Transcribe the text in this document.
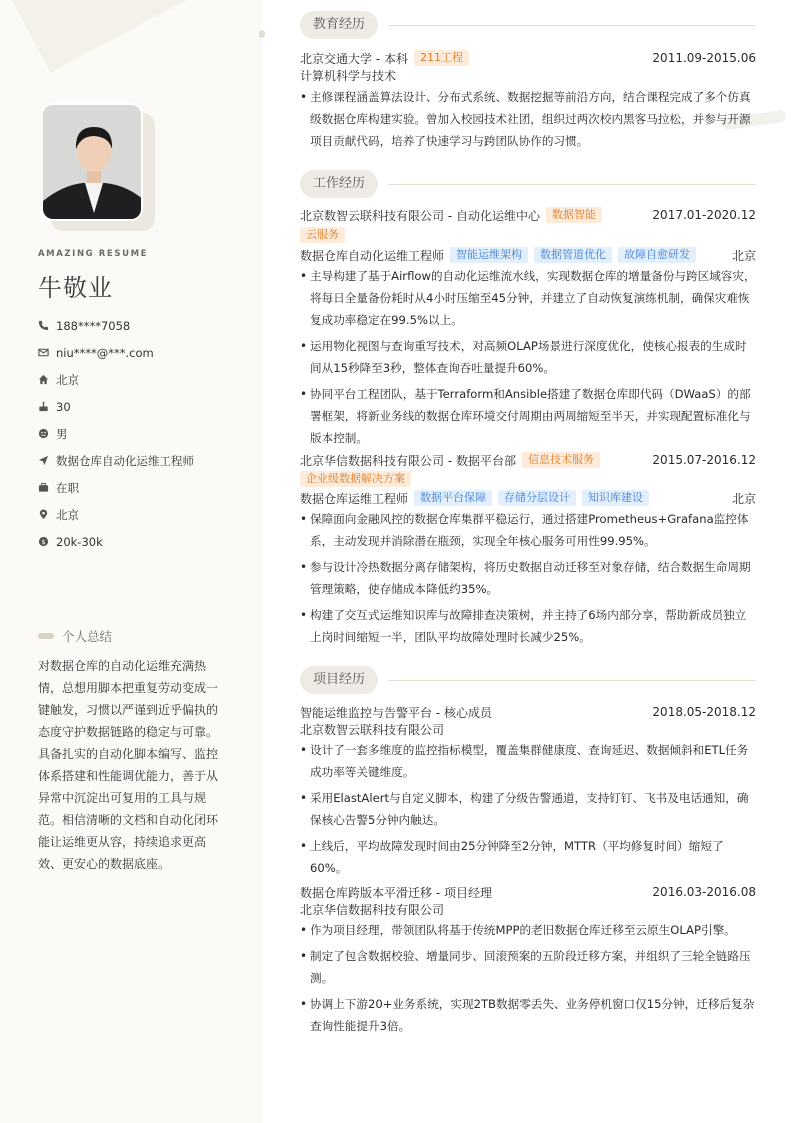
AMAZING RESUME
牛敬业
188****7058
niu****@***.com
北京
30
男
数据仓库自动化运维工程师
在职
北京
$ 20k-30k
个人总结
对数据仓库的自动化运维充满热情，总想用脚本把重复劳动变成一键触发，习惯以严谨到近乎偏执的态度守护数据链路的稳定与可靠。具备扎实的自动化脚本编写、监控体系搭建和性能调优能力，善于从异常中沉淀出可复用的工具与规范。相信清晰的文档和自动化闭环能让运维更从容，持续追求更高效、更安心的数据底座。
教育经历
北京交通大学 - 本科	211工程	2011.09-2015.06
计算机科学与技术
• 主修课程涵盖算法设计、分布式系统、数据挖掘等前沿方向，结合课程完成了多个仿真级数据仓库构建实验。曾加入校园技术社团，组织过两次校内黑客马拉松，并参与开源项目贡献代码，培养了快速学习与跨团队协作的习惯。
工作经历
北京数智云联科技有限公司 - 自动化运维中心	数据智能	2017.01-2020.12
云服务
数据仓库自动化运维工程师	智能运维架构	数据管道优化	故障自愈研发	北京
• 主导构建了基于Airflow的自动化运维流水线，实现数据仓库的增量备份与跨区域容灾，将每日全量备份耗时从4小时压缩至45分钟，并建立了自动恢复演练机制，确保灾难恢复成功率稳定在99.5%以上。
• 运用物化视图与查询重写技术，对高频OLAP场景进行深度优化，使核心报表的生成时间从15秒降至3秒，整体查询吞吐量提升60%。
• 协同平台工程团队，基于Terraform和Ansible搭建了数据仓库即代码（DWaaS）的部署框架，将新业务线的数据仓库环境交付周期由两周缩短至半天，并实现配置标准化与版本控制。
北京华信数据科技有限公司 - 数据平台部	信息技术服务	2015.07-2016.12
企业级数据解决方案
数据仓库运维工程师	数据平台保障	存储分层设计	知识库建设	北京
• 保障面向金融风控的数据仓库集群平稳运行，通过搭建Prometheus+Grafana监控体系，主动发现并消除潜在瓶颈，实现全年核心服务可用性99.95%。
• 参与设计冷热数据分离存储架构，将历史数据自动迁移至对象存储，结合数据生命周期管理策略，使存储成本降低约35%。
• 构建了交互式运维知识库与故障排查决策树，并主持了6场内部分享，帮助新成员独立上岗时间缩短一半，团队平均故障处理时长减少25%。
项目经历
智能运维监控与告警平台 - 核心成员	2018.05-2018.12
北京数智云联科技有限公司
• 设计了一套多维度的监控指标模型，覆盖集群健康度、查询延迟、数据倾斜和ETL任务成功率等关键维度。
• 采用ElastAlert与自定义脚本，构建了分级告警通道，支持钉钉、飞书及电话通知，确保核心告警5分钟内触达。
• 上线后，平均故障发现时间由25分钟降至2分钟，MTTR（平均修复时间）缩短了60%。
数据仓库跨版本平滑迁移 - 项目经理	2016.03-2016.08
北京华信数据科技有限公司
• 作为项目经理，带领团队将基于传统MPP的老旧数据仓库迁移至云原生OLAP引擎。
• 制定了包含数据校验、增量同步、回滚预案的五阶段迁移方案，并组织了三轮全链路压测。
• 协调上下游20+业务系统，实现2TB数据零丢失、业务停机窗口仅15分钟，迁移后复杂查询性能提升3倍。
